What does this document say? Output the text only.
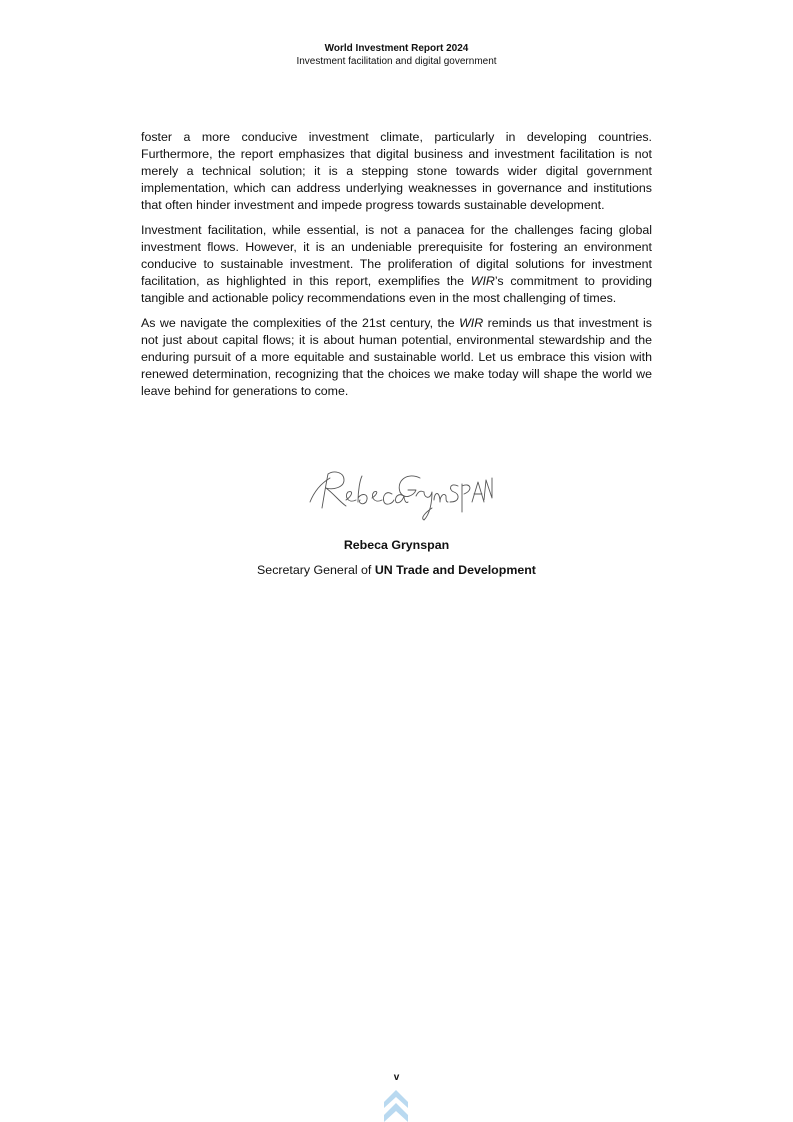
World Investment Report 2024
Investment facilitation and digital government

foster a more conducive investment climate, particularly in developing countries. Furthermore, the report emphasizes that digital business and investment facilitation is not merely a technical solution; it is a stepping stone towards wider digital government implementation, which can address underlying weaknesses in governance and institutions that often hinder investment and impede progress towards sustainable development.

Investment facilitation, while essential, is not a panacea for the challenges facing global investment flows. However, it is an undeniable prerequisite for fostering an environment conducive to sustainable investment. The proliferation of digital solutions for investment facilitation, as highlighted in this report, exemplifies the WIR’s commitment to providing tangible and actionable policy recommendations even in the most challenging of times.

As we navigate the complexities of the 21st century, the WIR reminds us that investment is not just about capital flows; it is about human potential, environmental stewardship and the enduring pursuit of a more equitable and sustainable world. Let us embrace this vision with renewed determination, recognizing that the choices we make today will shape the world we leave behind for generations to come.

Rebeca Grynspan
Secretary General of UN Trade and Development
v
